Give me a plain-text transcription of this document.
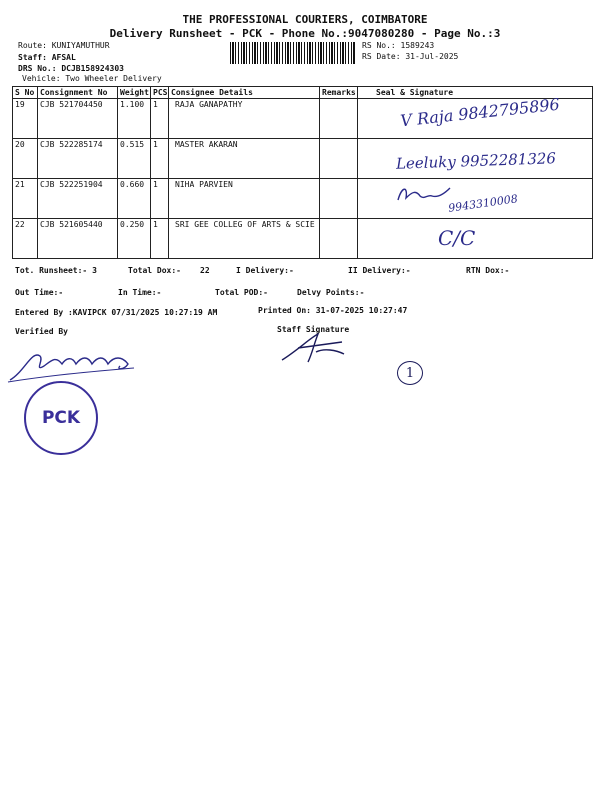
THE PROFESSIONAL COURIERS, COIMBATORE
Delivery Runsheet - PCK - Phone No.:9047080280 - Page No.:3
Route: KUNIYAMUTHUR
Staff: AFSAL
DRS No.: DCJB158924303
Vehicle: Two Wheeler Delivery
RS No.: 1589243
RS Date: 31-Jul-2025
S No	Consignment No	Weight	PCS	Consignee Details	Remarks	Seal & Signature
19	CJB 521704450	1.100	1	RAJA GANAPATHY		
20	CJB 522285174	0.515	1	MASTER AKARAN		
21	CJB 522251904	0.660	1	NIHA PARVIEN		
22	CJB 521605440	0.250	1	SRI GEE COLLEG OF ARTS & SCIE		
V Raja 9842795896
Leeluky 9952281326
9943310008
C/C
Tot. Runsheet:- 3	Total Dox:- 22	I Delivery:-	II Delivery:-	RTN Dox:-
Out Time:-	In Time:-	Total POD:-	Delvy Points:-
Entered By :KAVIPCK 07/31/2025 10:27:19 AM	Printed On: 31-07-2025 10:27:47
Verified By	Staff Signature
1
PCK
